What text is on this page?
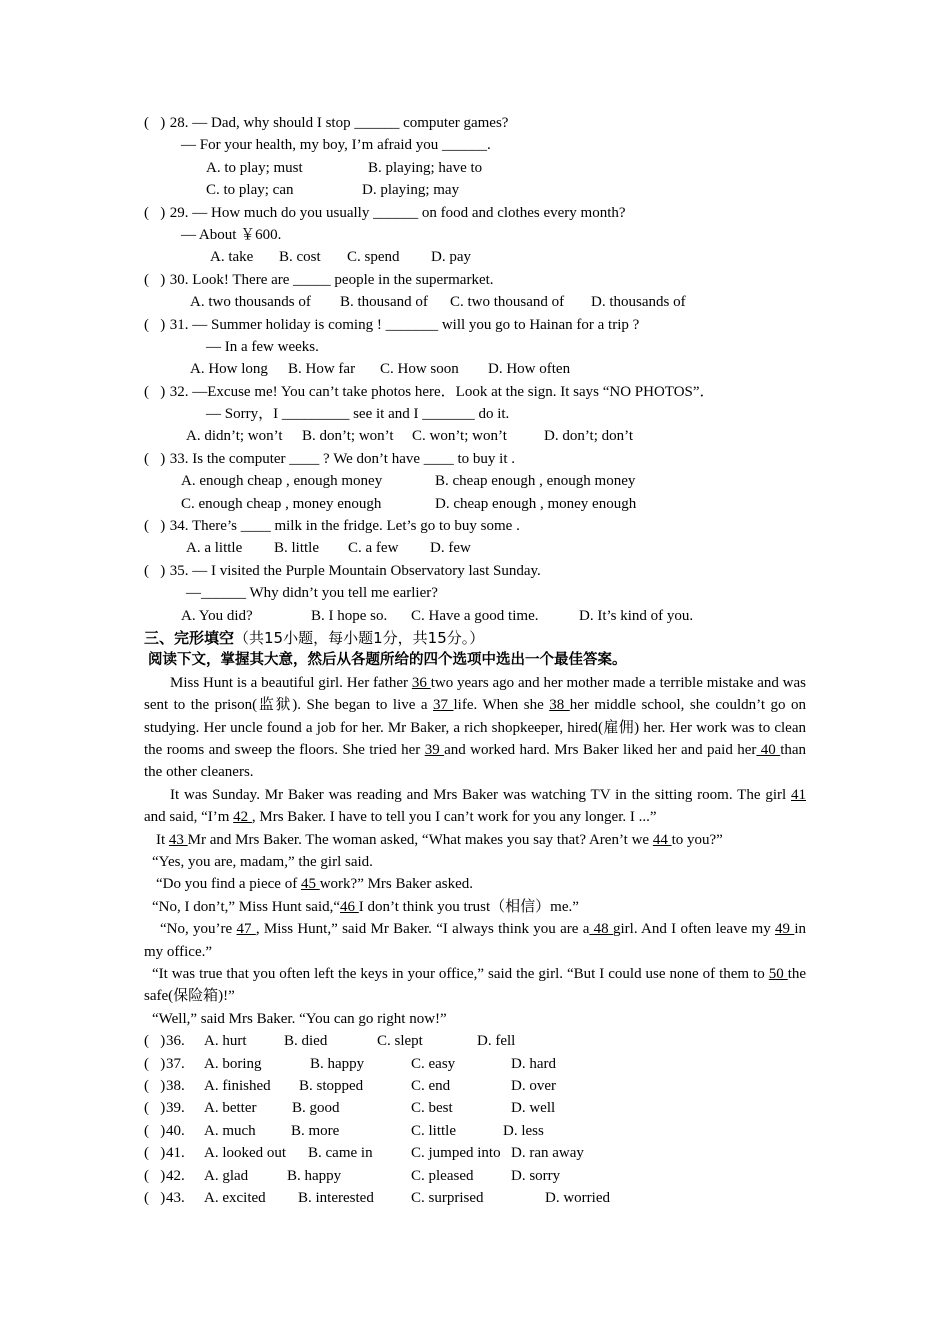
(   ) 28. — Dad, why should I stop ______ computer games?
— For your health, my boy, I’m afraid you ______.
A. to play; must	B. playing; have to
C. to play; can	D. playing; may
(   ) 29. — How much do you usually ______ on food and clothes every month?
— About ￥600.
A. take B. cost C. spend D. pay
(   ) 30. Look! There are _____ people in the supermarket.
A. two thousands of B. thousand of C. two thousand of D. thousands of
(   ) 31. — Summer holiday is coming ! _______ will you go to Hainan for a trip ?
— In a few weeks.
A. How long B. How far C. How soon D. How often
(   ) 32. —Excuse me! You can’t take photos here．Look at the sign. It says “NO PHOTOS”．
— Sorry，I _________ see it and I _______ do it.
A. didn’t; won’t B. don’t; won’t C. won’t; won’t D. don’t; don’t
(   ) 33. Is the computer ____ ? We don’t have ____ to buy it .
A. enough cheap , enough money	B. cheap enough , enough money
C. enough cheap , money enough	D. cheap enough , money enough
(   ) 34. There’s ____ milk in the fridge. Let’s go to buy some .
A. a little B. little C. a few D. few
(   ) 35. — I visited the Purple Mountain Observatory last Sunday.
—______ Why didn’t you tell me earlier?
A. You did?	B. I hope so. C. Have a good time.	D. It’s kind of you.
三、完形填空（共15小题，每小题1分，共15分。）
阅读下文，掌握其大意，然后从各题所给的四个选项中选出一个最佳答案。

Miss Hunt is a beautiful girl. Her father 36 two years ago and her mother made a terrible mistake and was sent to the prison(监狱). She began to live a 37 life. When she 38 her middle school, she couldn’t go on studying. Her uncle found a job for her. Mr Baker, a rich shopkeeper, hired(雇佣) her. Her work was to clean the rooms and sweep the floors. She tried her 39 and worked hard. Mrs Baker liked her and paid her 40 than the other cleaners.

It was Sunday. Mr Baker was reading and Mrs Baker was watching TV in the sitting room. The girl 41 and said, “I’m 42 , Mrs Baker. I have to tell you I can’t work for you any longer. I ...”

It 43 Mr and Mrs Baker. The woman asked, “What makes you say that? Aren’t we 44 to you?”

“Yes, you are, madam,” the girl said.

“Do you find a piece of 45 work?” Mrs Baker asked.

“No, I don’t,” Miss Hunt said,“46 I don’t think you trust（相信）me.”

“No, you’re 47 , Miss Hunt,” said Mr Baker. “I always think you are a 48 girl. And I often leave my 49 in my office.”

“It was true that you often left the keys in your office,” said the girl. “But I could use none of them to 50 the safe(保险箱)!”

“Well,” said Mrs Baker. “You can go right now!”

(   )36. A. hurt	B. died	C. slept	D. fell
(   )37. A. boring	B. happy	C. easy	D. hard
(   )38. A. finished B. stopped	C. end	D. over
(   )39. A. better B. good	C. best	D. well
(   )40. A. much B. more	C. little	D. less
(   )41. A. looked out B. came in	C. jumped into D. ran away
(   )42. A. glad	B. happy	C. pleased	D. sorry
(   )43. A. excited B. interested C. surprised	D. worried
